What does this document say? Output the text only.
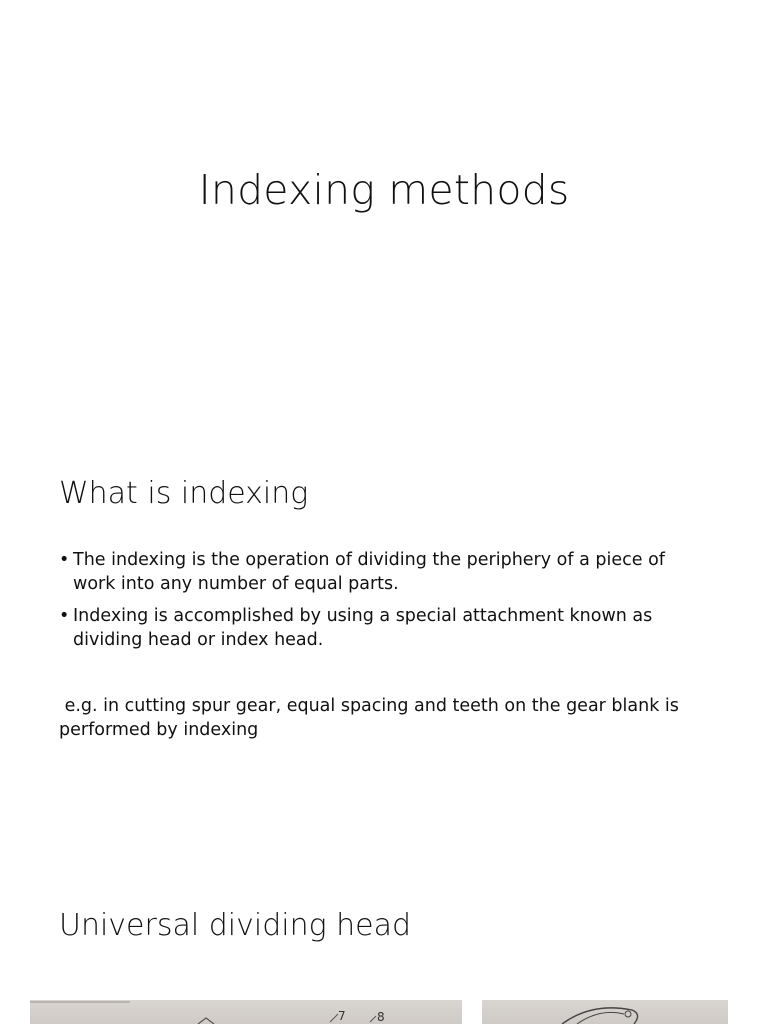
Indexing methods
What is indexing
• The indexing is the operation of dividing the periphery of a piece of work into any number of equal parts.
• Indexing is accomplished by using a special attachment known as dividing head or index head.
e.g. in cutting spur gear, equal spacing and teeth on the gear blank is performed by indexing
Universal dividing head
7	8
